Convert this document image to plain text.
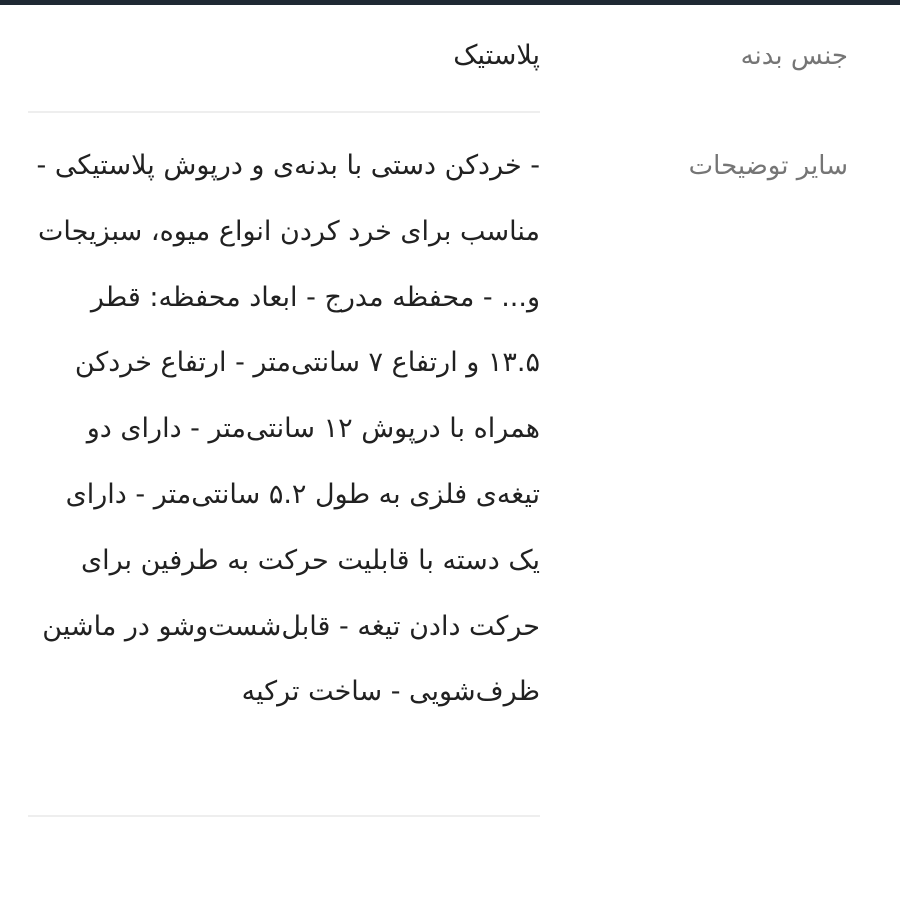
جنس بدنه
پلاستیک
سایر توضیحات
- خردکن دستی با بدنه‌ی و درپوش پلاستیکی - مناسب برای خرد کردن انواع میوه، سبزیجات و... - محفظه مدرج - ابعاد محفظه: قطر ۱۳.۵ و ارتفاع ۷ سانتی‌متر - ارتفاع خردکن همراه با درپوش ۱۲ سانتی‌متر - دارای دو تیغه‌ی فلزی به طول ۵.۲ سانتی‌متر - دارای یک دسته با قابلیت حرکت به طرفین برای حرکت دادن تیغه - قابل‌شست‌وشو در ماشین ظرف‌شویی - ساخت ترکیه
